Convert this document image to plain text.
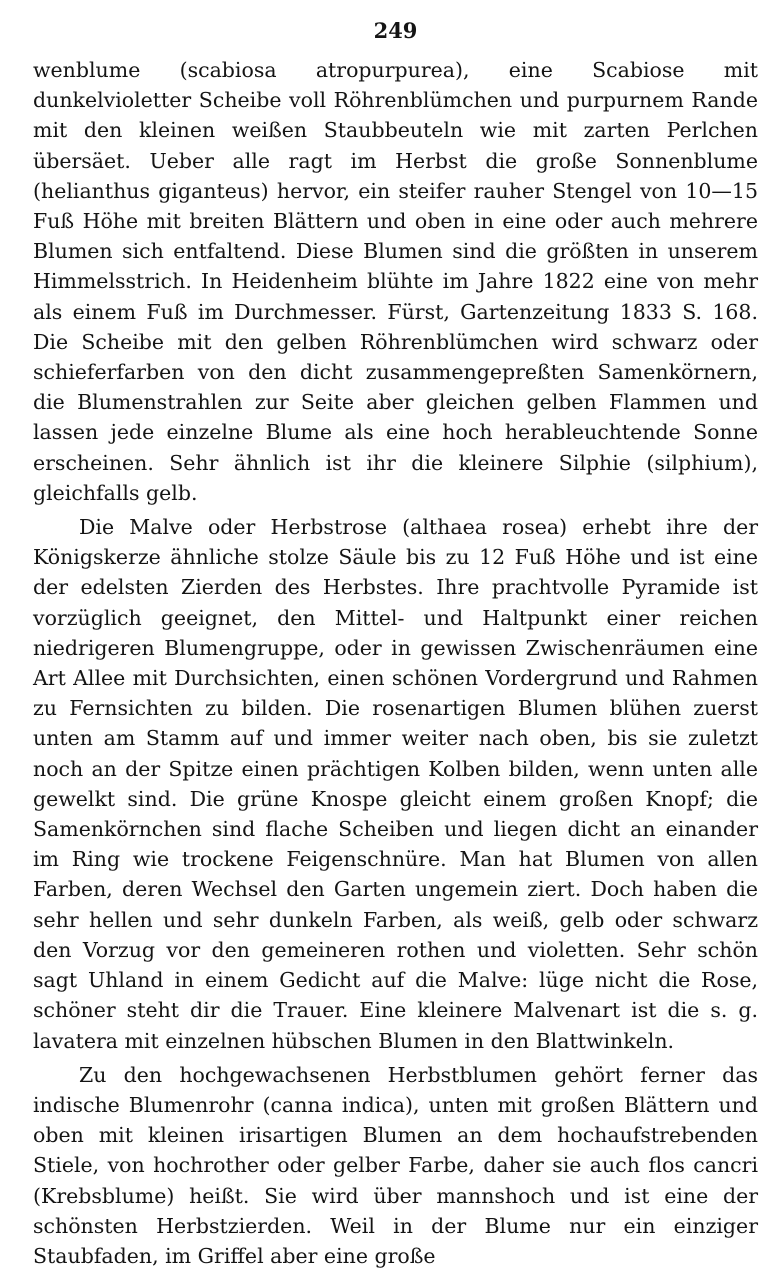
249

wenblume (scabiosa atropurpurea), eine Scabiose mit dunkelvioletter Scheibe voll Röhrenblümchen und purpurnem Rande mit den kleinen weißen Staubbeuteln wie mit zarten Perlchen übersäet. Ueber alle ragt im Herbst die große Sonnenblume (helianthus giganteus) hervor, ein steifer rauher Stengel von 10—15 Fuß Höhe mit breiten Blättern und oben in eine oder auch mehrere Blumen sich entfaltend. Diese Blumen sind die größten in unserem Himmelsstrich. In Heidenheim blühte im Jahre 1822 eine von mehr als einem Fuß im Durchmesser. Fürst, Gartenzeitung 1833 S. 168. Die Scheibe mit den gelben Röhrenblümchen wird schwarz oder schieferfarben von den dicht zusammengepreßten Samenkörnern, die Blumenstrahlen zur Seite aber gleichen gelben Flammen und lassen jede einzelne Blume als eine hoch herableuchtende Sonne erscheinen. Sehr ähnlich ist ihr die kleinere Silphie (silphium), gleichfalls gelb.

Die Malve oder Herbstrose (althaea rosea) erhebt ihre der Königskerze ähnliche stolze Säule bis zu 12 Fuß Höhe und ist eine der edelsten Zierden des Herbstes. Ihre prachtvolle Pyramide ist vorzüglich geeignet, den Mittel- und Haltpunkt einer reichen niedrigeren Blumengruppe, oder in gewissen Zwischenräumen eine Art Allee mit Durchsichten, einen schönen Vordergrund und Rahmen zu Fernsichten zu bilden. Die rosenartigen Blumen blühen zuerst unten am Stamm auf und immer weiter nach oben, bis sie zuletzt noch an der Spitze einen prächtigen Kolben bilden, wenn unten alle gewelkt sind. Die grüne Knospe gleicht einem großen Knopf; die Samenkörnchen sind flache Scheiben und liegen dicht an einander im Ring wie trockene Feigenschnüre. Man hat Blumen von allen Farben, deren Wechsel den Garten ungemein ziert. Doch haben die sehr hellen und sehr dunkeln Farben, als weiß, gelb oder schwarz den Vorzug vor den gemeineren rothen und violetten. Sehr schön sagt Uhland in einem Gedicht auf die Malve: lüge nicht die Rose, schöner steht dir die Trauer. Eine kleinere Malvenart ist die s. g. lavatera mit einzelnen hübschen Blumen in den Blattwinkeln.

Zu den hochgewachsenen Herbstblumen gehört ferner das indische Blumenrohr (canna indica), unten mit großen Blättern und oben mit kleinen irisartigen Blumen an dem hochaufstrebenden Stiele, von hochrother oder gelber Farbe, daher sie auch flos cancri (Krebsblume) heißt. Sie wird über mannshoch und ist eine der schönsten Herbstzierden. Weil in der Blume nur ein einziger Staubfaden, im Griffel aber eine große
